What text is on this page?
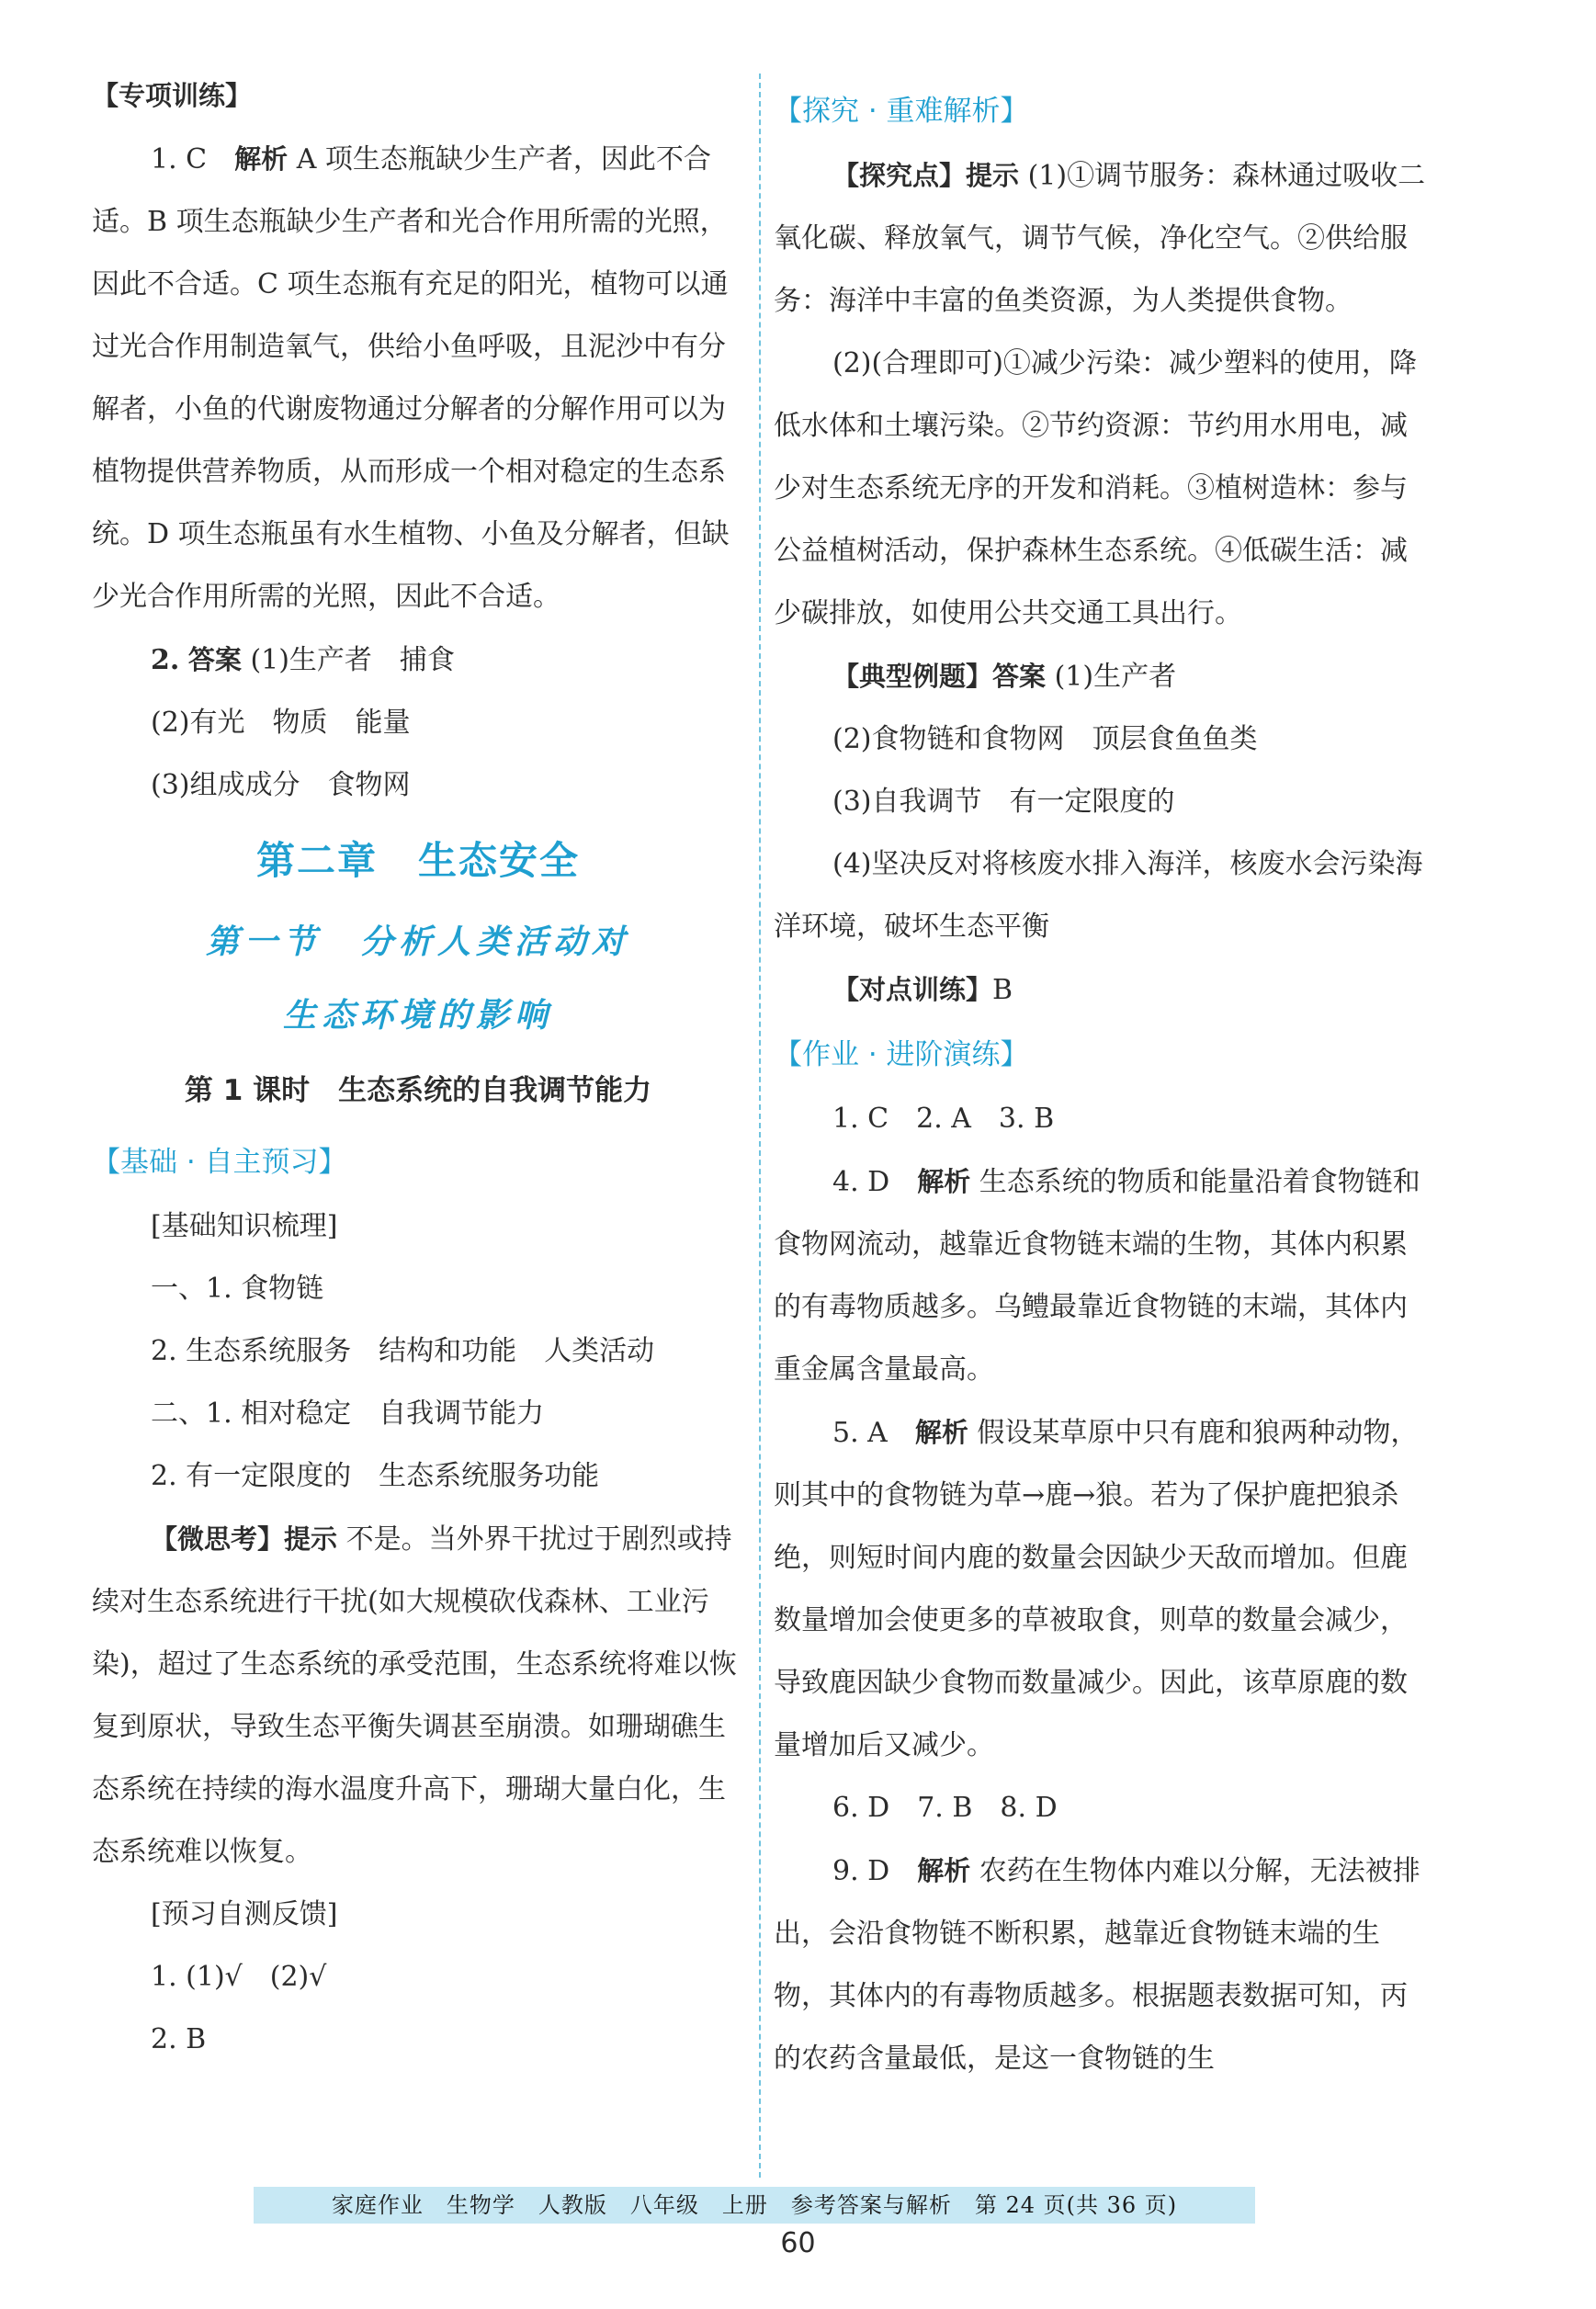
【专项训练】

1. C　 解析 A 项生态瓶缺少生产者，因此不合适。B 项生态瓶缺少生产者和光合作用所需的光照，因此不合适。C 项生态瓶有充足的阳光，植物可以通过光合作用制造氧气，供给小鱼呼吸，且泥沙中有分解者，小鱼的代谢废物通过分解者的分解作用可以为植物提供营养物质，从而形成一个相对稳定的生态系统。D 项生态瓶虽有水生植物、小鱼及分解者，但缺少光合作用所需的光照，因此不合适。

2. 答案 (1)生产者　捕食

(2)有光　物质　能量

(3)组成成分　食物网

第二章　生态安全
第一节　分析人类活动对
生态环境的影响
第 1 课时　生态系统的自我调节能力
【基础 · 自主预习】

[基础知识梳理]

一、1. 食物链

2. 生态系统服务　结构和功能　人类活动

二、1. 相对稳定　自我调节能力

2. 有一定限度的　生态系统服务功能

【微思考】提示 不是。当外界干扰过于剧烈或持续对生态系统进行干扰(如大规模砍伐森林、工业污染)，超过了生态系统的承受范围，生态系统将难以恢复到原状，导致生态平衡失调甚至崩溃。如珊瑚礁生态系统在持续的海水温度升高下，珊瑚大量白化，生态系统难以恢复。

[预习自测反馈]

1. (1)√　(2)√

2. B

【探究 · 重难解析】

【探究点】提示 (1)①调节服务：森林通过吸收二氧化碳、释放氧气，调节气候，净化空气。②供给服务：海洋中丰富的鱼类资源，为人类提供食物。

(2)(合理即可)①减少污染：减少塑料的使用，降低水体和土壤污染。②节约资源：节约用水用电，减少对生态系统无序的开发和消耗。③植树造林：参与公益植树活动，保护森林生态系统。④低碳生活：减少碳排放，如使用公共交通工具出行。

【典型例题】答案 (1)生产者

(2)食物链和食物网　顶层食鱼鱼类

(3)自我调节　有一定限度的

(4)坚决反对将核废水排入海洋，核废水会污染海洋环境，破坏生态平衡

【对点训练】B

【作业 · 进阶演练】

1. C　2. A　3. B

4. D　 解析 生态系统的物质和能量沿着食物链和食物网流动，越靠近食物链末端的生物，其体内积累的有毒物质越多。乌鳢最靠近食物链的末端，其体内重金属含量最高。

5. A　 解析 假设某草原中只有鹿和狼两种动物，则其中的食物链为草→鹿→狼。若为了保护鹿把狼杀绝，则短时间内鹿的数量会因缺少天敌而增加。但鹿数量增加会使更多的草被取食，则草的数量会减少，导致鹿因缺少食物而数量减少。因此，该草原鹿的数量增加后又减少。

6. D　7. B　8. D

9. D　 解析 农药在生物体内难以分解，无法被排出，会沿食物链不断积累，越靠近食物链末端的生物，其体内的有毒物质越多。根据题表数据可知，丙的农药含量最低，是这一食物链的生

家庭作业　生物学　人教版　八年级　上册　参考答案与解析　第 24 页(共 36 页)
60
